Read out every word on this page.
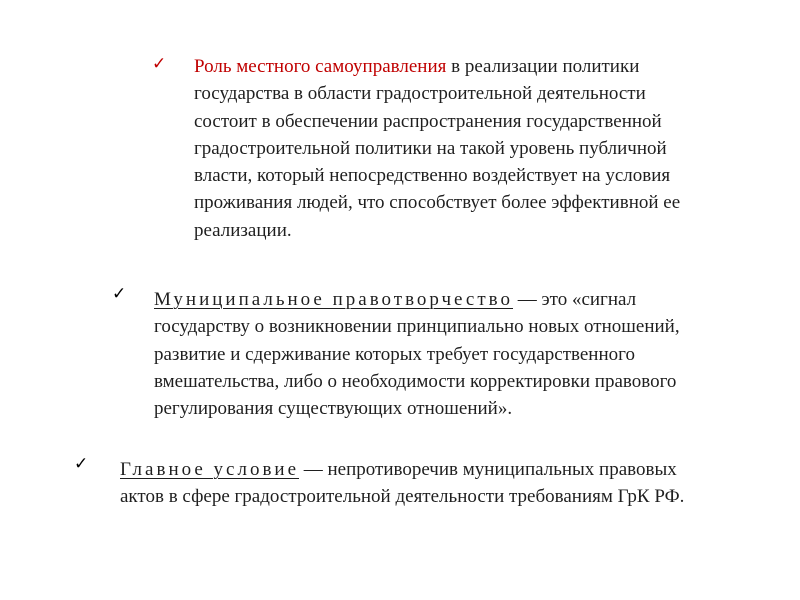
✓ Роль местного самоуправления в реализации политики
государства в области градостроительной деятельности
состоит в обеспечении распространения государственной
градостроительной политики на такой уровень публичной
власти, который непосредственно воздействует на условия
проживания людей, что способствует более эффективной ее
реализации.
✓ Муниципальное правотворчество — это «сигнал
государству о возникновении принципиально новых отношений,
развитие и сдерживание которых требует государственного
вмешательства, либо о необходимости корректировки правового
регулирования существующих отношений».
✓ Главное условие — непротиворечив муниципальных правовых
актов в сфере градостроительной деятельности требованиям ГрК РФ.
